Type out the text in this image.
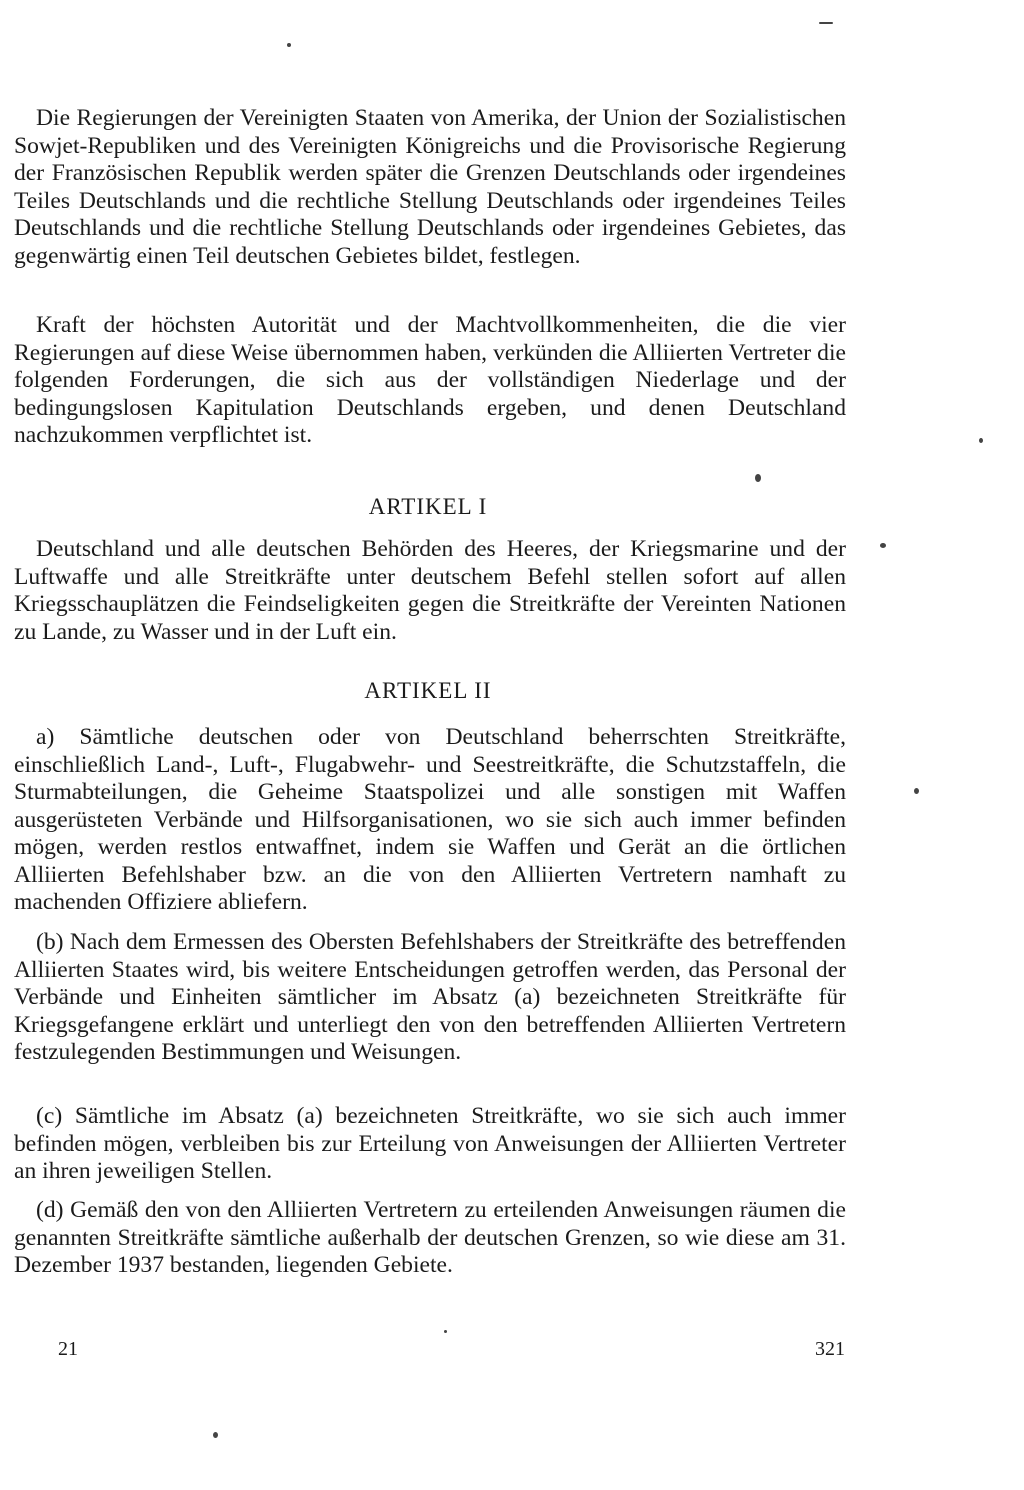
Die Regierungen der Vereinigten Staaten von Amerika, der Union der Sozialistischen Sowjet-Republiken und des Vereinigten Königreichs und die Provisorische Regierung der Französischen Republik werden später die Grenzen Deutschlands oder irgendeines Teiles Deutschlands und die rechtliche Stellung Deutschlands oder irgendeines Teiles Deutschlands und die rechtliche Stellung Deutschlands oder irgendeines Gebietes, das gegenwärtig einen Teil deutschen Gebietes bildet, festlegen.

Kraft der höchsten Autorität und der Machtvollkommenheiten, die die vier Regierungen auf diese Weise übernommen haben, verkünden die Alliierten Vertreter die folgenden Forderungen, die sich aus der vollständigen Niederlage und der bedingungslosen Kapitulation Deutschlands ergeben, und denen Deutschland nachzukommen verpflichtet ist.

ARTIKEL I

Deutschland und alle deutschen Behörden des Heeres, der Kriegsmarine und der Luftwaffe und alle Streitkräfte unter deutschem Befehl stellen sofort auf allen Kriegsschauplätzen die Feindseligkeiten gegen die Streitkräfte der Vereinten Nationen zu Lande, zu Wasser und in der Luft ein.

ARTIKEL II

a) Sämtliche deutschen oder von Deutschland beherrschten Streitkräfte, einschließlich Land-, Luft-, Flugabwehr- und Seestreitkräfte, die Schutzstaffeln, die Sturmabteilungen, die Geheime Staatspolizei und alle sonstigen mit Waffen ausgerüsteten Verbände und Hilfsorganisationen, wo sie sich auch immer befinden mögen, werden restlos entwaffnet, indem sie Waffen und Gerät an die örtlichen Alliierten Befehlshaber bzw. an die von den Alliierten Vertretern namhaft zu machenden Offiziere abliefern.

(b) Nach dem Ermessen des Obersten Befehlshabers der Streitkräfte des betreffenden Alliierten Staates wird, bis weitere Entscheidungen getroffen werden, das Personal der Verbände und Einheiten sämtlicher im Absatz (a) bezeichneten Streitkräfte für Kriegsgefangene erklärt und unterliegt den von den betreffenden Alliierten Vertretern festzulegenden Bestimmungen und Weisungen.

(c) Sämtliche im Absatz (a) bezeichneten Streitkräfte, wo sie sich auch immer befinden mögen, verbleiben bis zur Erteilung von Anweisungen der Alliierten Vertreter an ihren jeweiligen Stellen.

(d) Gemäß den von den Alliierten Vertretern zu erteilenden Anweisungen räumen die genannten Streitkräfte sämtliche außerhalb der deutschen Grenzen, so wie diese am 31. Dezember 1937 bestanden, liegenden Gebiete.

21	321
